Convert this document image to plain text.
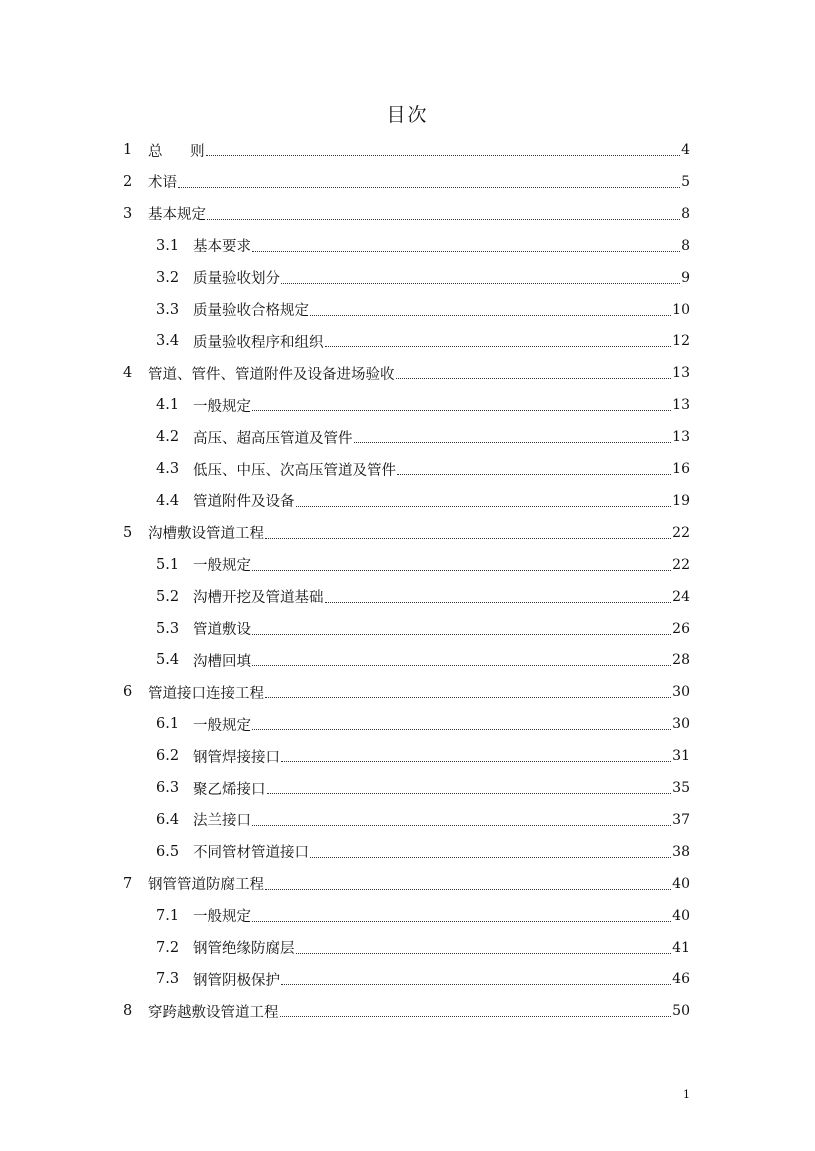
目次
1	总      则	4
2	术语	5
3	基本规定	8
3.1 基本要求	8
3.2 质量验收划分	9
3.3 质量验收合格规定	10
3.4 质量验收程序和组织	12
4	管道、管件、管道附件及设备进场验收	13
4.1 一般规定	13
4.2 高压、超高压管道及管件	13
4.3 低压、中压、次高压管道及管件	16
4.4 管道附件及设备	19
5	沟槽敷设管道工程	22
5.1 一般规定	22
5.2 沟槽开挖及管道基础	24
5.3 管道敷设	26
5.4 沟槽回填	28
6	管道接口连接工程	30
6.1 一般规定	30
6.2 钢管焊接接口	31
6.3 聚乙烯接口	35
6.4 法兰接口	37
6.5 不同管材管道接口	38
7	钢管管道防腐工程	40
7.1 一般规定	40
7.2 钢管绝缘防腐层	41
7.3 钢管阴极保护	46
8	穿跨越敷设管道工程	50
1
